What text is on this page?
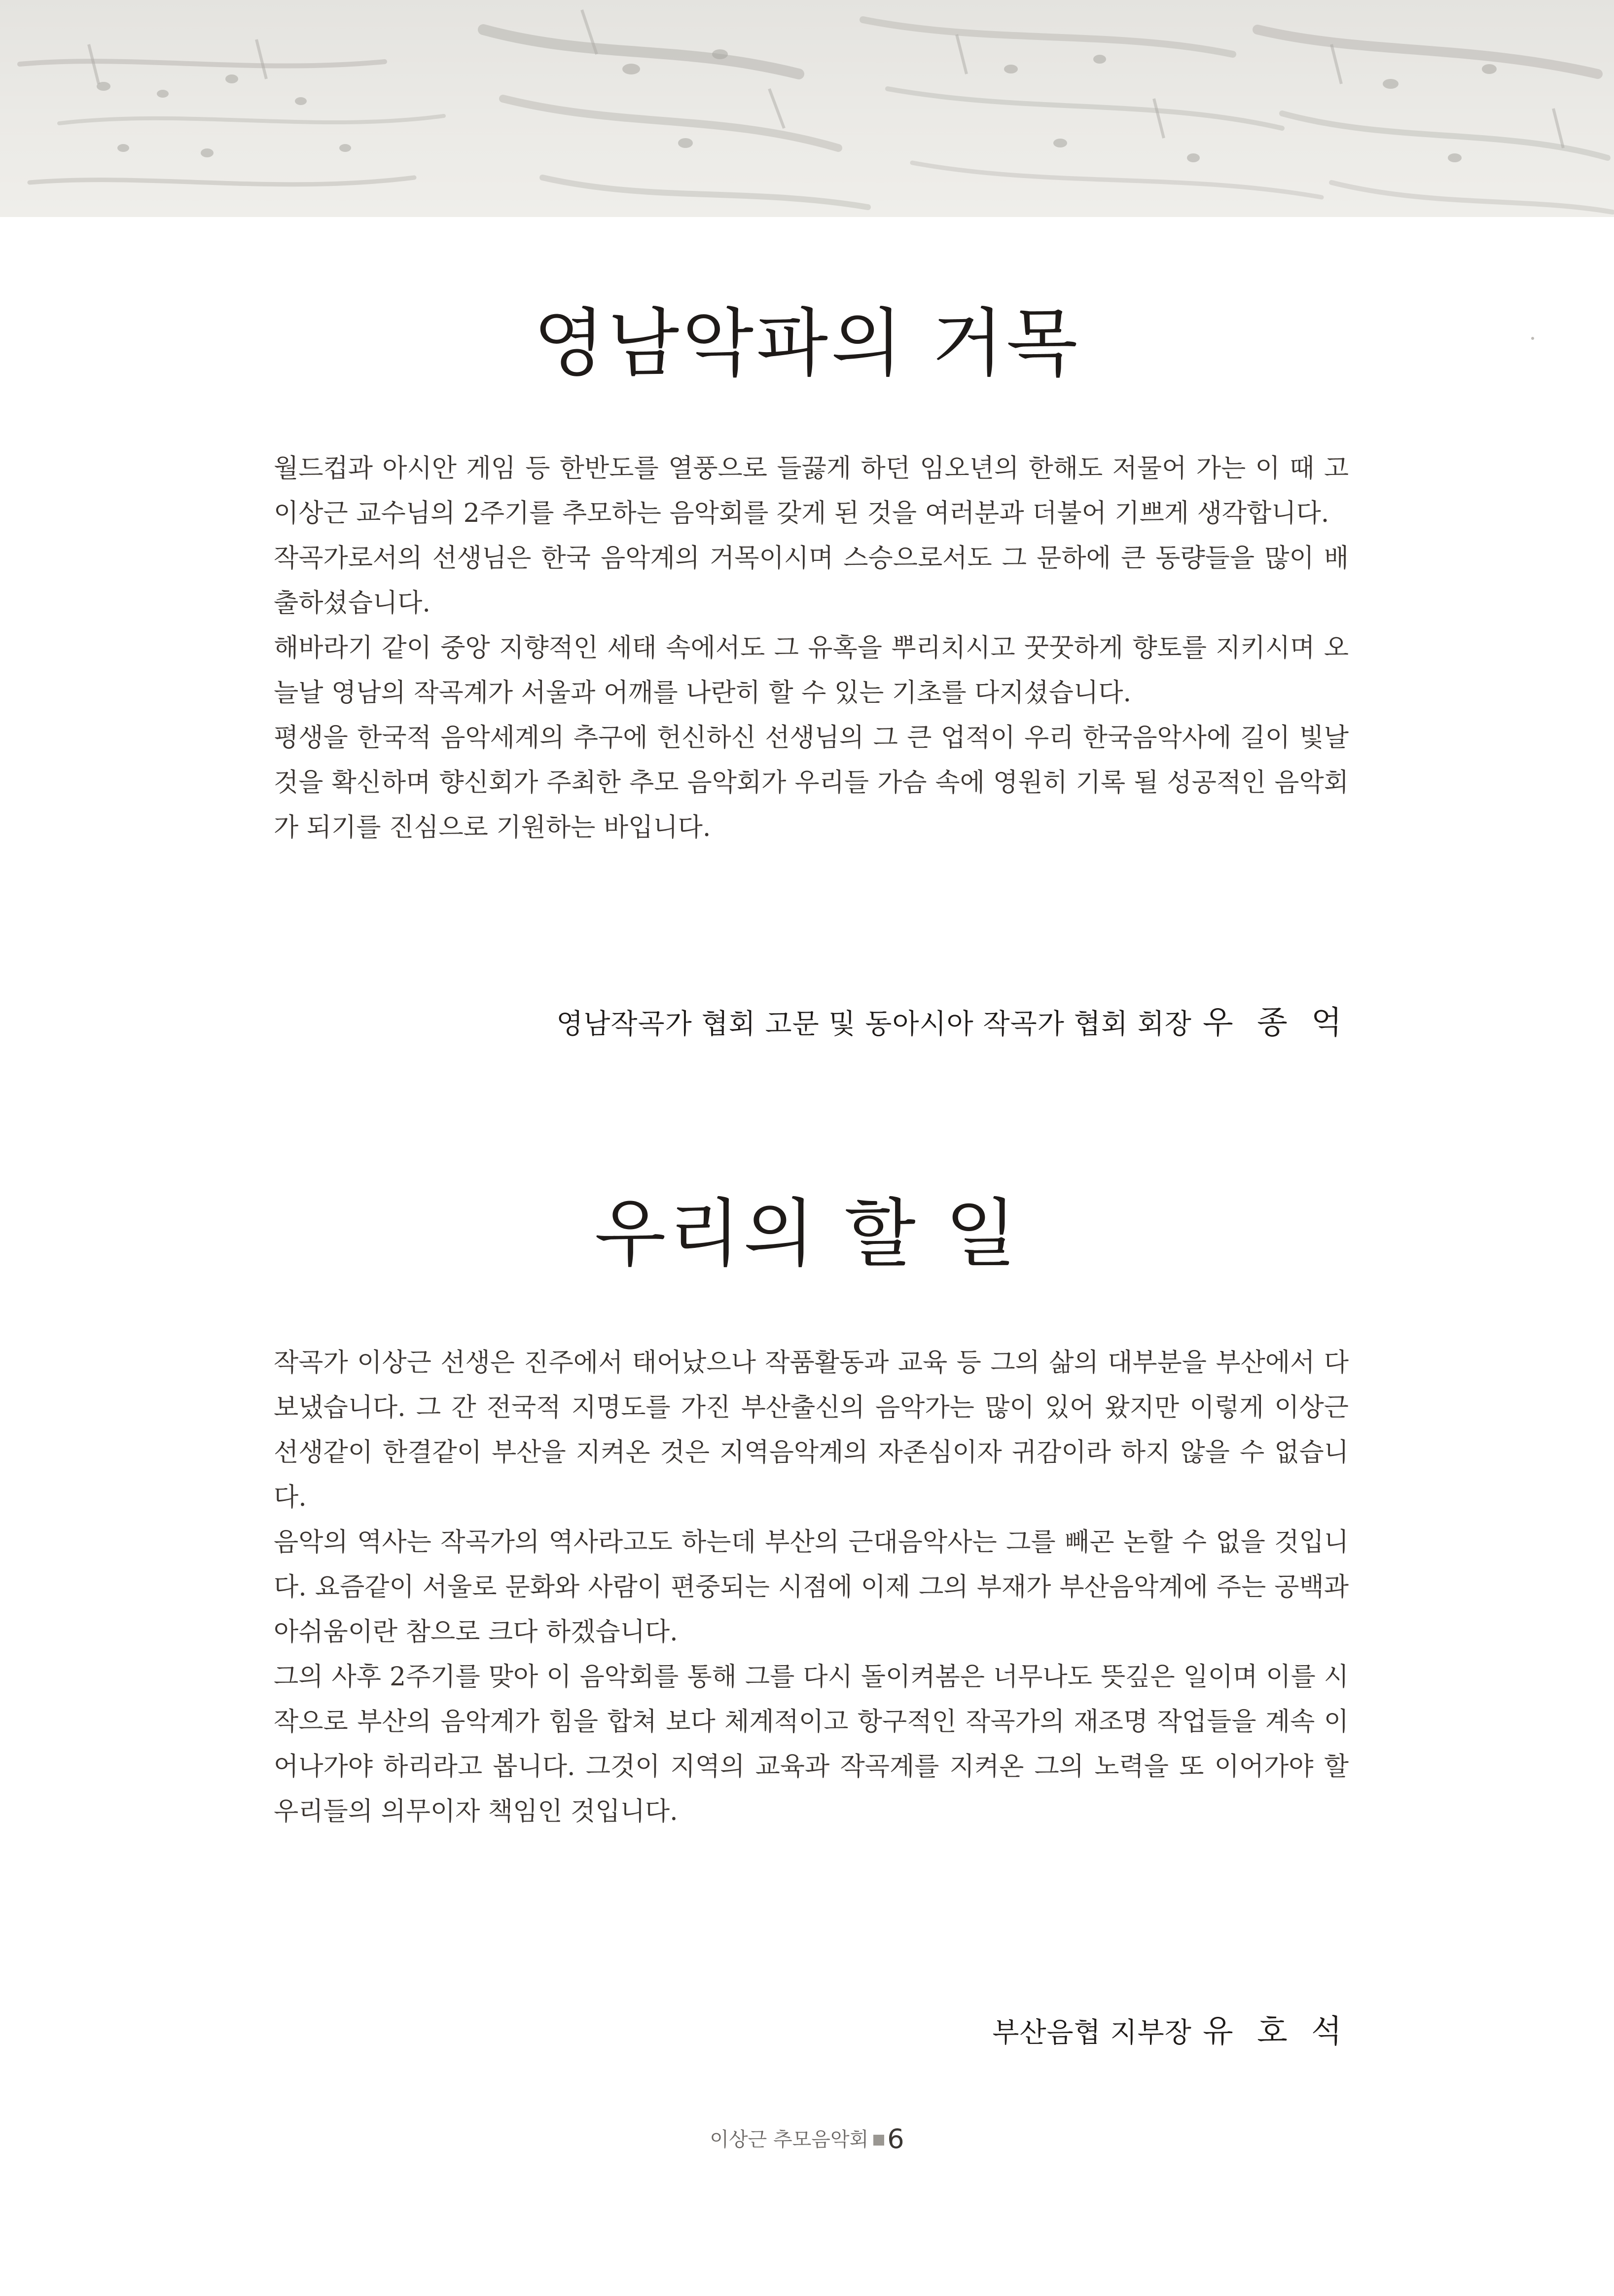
영남악파의 거목

월드컵과 아시안 게임 등 한반도를 열풍으로 들끓게 하던 임오년의 한해도 저물어 가는 이 때 고 이상근 교수님의 2주기를 추모하는 음악회를 갖게 된 것을 여러분과 더불어 기쁘게 생각합니다.

작곡가로서의 선생님은 한국 음악계의 거목이시며 스승으로서도 그 문하에 큰 동량들을 많이 배출하셨습니다.

해바라기 같이 중앙 지향적인 세태 속에서도 그 유혹을 뿌리치시고 꿋꿋하게 향토를 지키시며 오늘날 영남의 작곡계가 서울과 어깨를 나란히 할 수 있는 기초를 다지셨습니다.

평생을 한국적 음악세계의 추구에 헌신하신 선생님의 그 큰 업적이 우리 한국음악사에 길이 빛날 것을 확신하며 향신회가 주최한 추모 음악회가 우리들 가슴 속에 영원히 기록 될 성공적인 음악회가 되기를 진심으로 기원하는 바입니다.

영남작곡가 협회 고문 및 동아시아 작곡가 협회 회장 우 종 억
우리의 할 일

작곡가 이상근 선생은 진주에서 태어났으나 작품활동과 교육 등 그의 삶의 대부분을 부산에서 다 보냈습니다. 그 간 전국적 지명도를 가진 부산출신의 음악가는 많이 있어 왔지만 이렇게 이상근 선생같이 한결같이 부산을 지켜온 것은 지역음악계의 자존심이자 귀감이라 하지 않을 수 없습니다.

음악의 역사는 작곡가의 역사라고도 하는데 부산의 근대음악사는 그를 빼곤 논할 수 없을 것입니다. 요즘같이 서울로 문화와 사람이 편중되는 시점에 이제 그의 부재가 부산음악계에 주는 공백과 아쉬움이란 참으로 크다 하겠습니다.

그의 사후 2주기를 맞아 이 음악회를 통해 그를 다시 돌이켜봄은 너무나도 뜻깊은 일이며 이를 시작으로 부산의 음악계가 힘을 합쳐 보다 체계적이고 항구적인 작곡가의 재조명 작업들을 계속 이어나가야 하리라고 봅니다. 그것이 지역의 교육과 작곡계를 지켜온 그의 노력을 또 이어가야 할 우리들의 의무이자 책임인 것입니다.

부산음협 지부장 유 호 석
이상근 추모음악회 6
